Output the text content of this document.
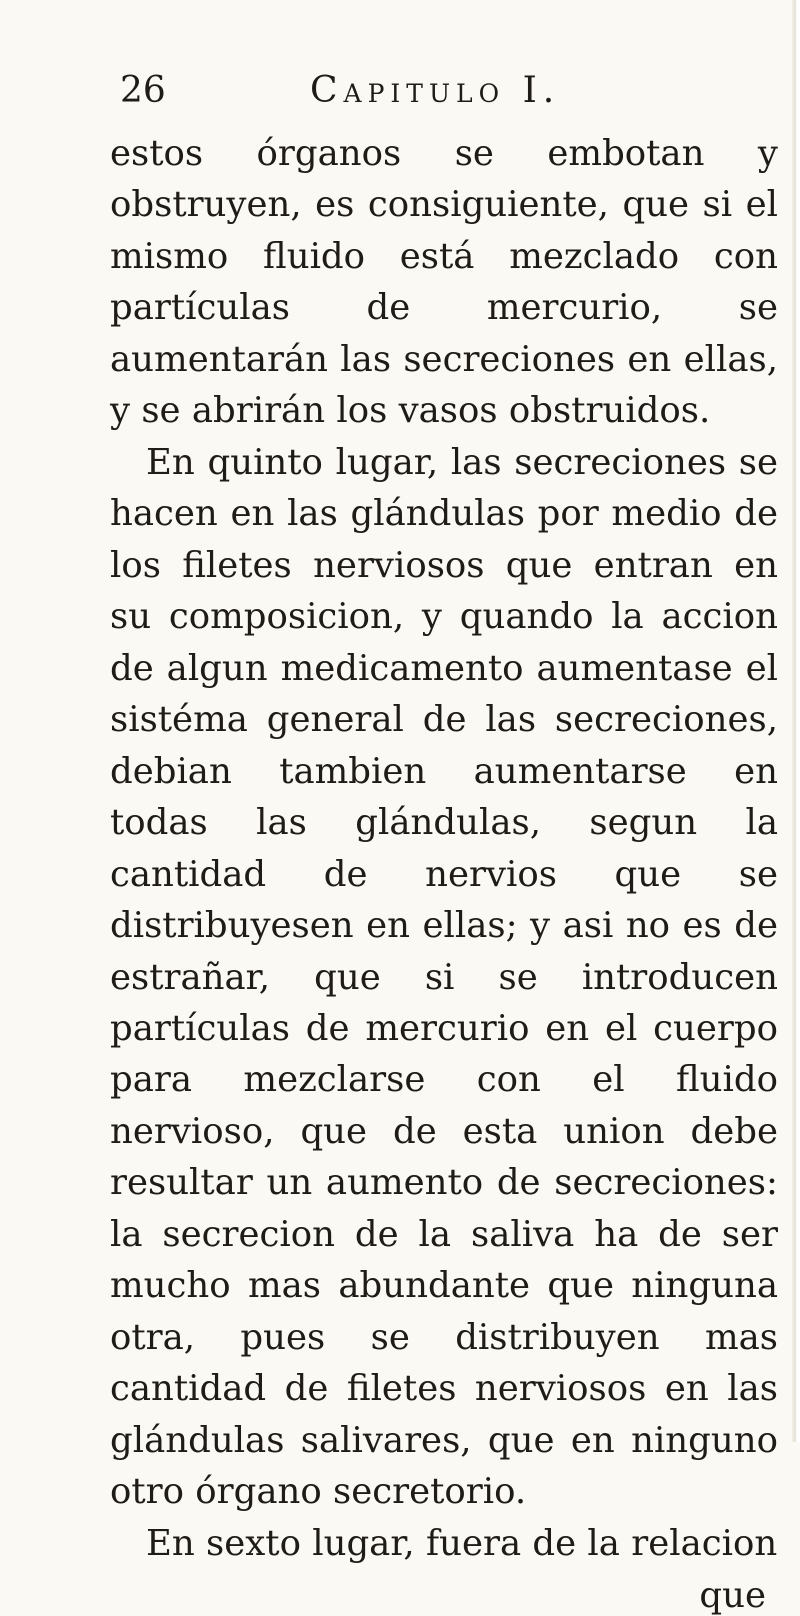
26	Capitulo I.

estos órganos se embotan y obstruyen, es consiguiente, que si el mismo fluido está mezclado con partículas de mercurio, se aumentarán las secreciones en ellas, y se abrirán los vasos obstruidos.

En quinto lugar, las secreciones se hacen en las glándulas por medio de los filetes nerviosos que entran en su composicion, y quando la accion de algun medicamento aumentase el sistéma general de las secreciones, debian tambien aumentarse en todas las glándulas, segun la cantidad de nervios que se distribuyesen en ellas; y asi no es de estrañar, que si se introducen partículas de mercurio en el cuerpo para mezclarse con el fluido nervioso, que de esta union debe resultar un aumento de secreciones: la secrecion de la saliva ha de ser mucho mas abundante que ninguna otra, pues se distribuyen mas cantidad de filetes nerviosos en las glándulas salivares, que en ninguno otro órgano secretorio.

En sexto lugar, fuera de la relacion

que
